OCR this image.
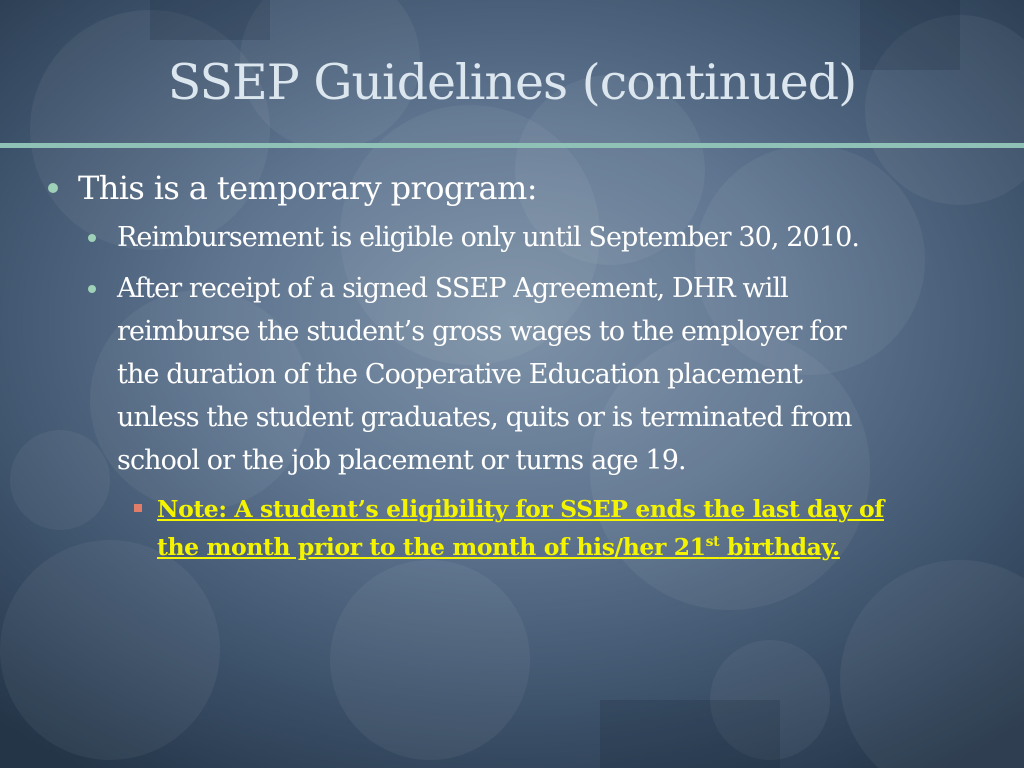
SSEP Guidelines (continued)
This is a temporary program:
Reimbursement is eligible only until September 30, 2010.
After receipt of a signed SSEP Agreement, DHR will
reimburse the student’s gross wages to the employer for
the duration of the Cooperative Education placement
unless the student graduates, quits or is terminated from
school or the job placement or turns age 19.
Note: A student’s eligibility for SSEP ends the last day of
the month prior to the month of his/her 21st birthday.
